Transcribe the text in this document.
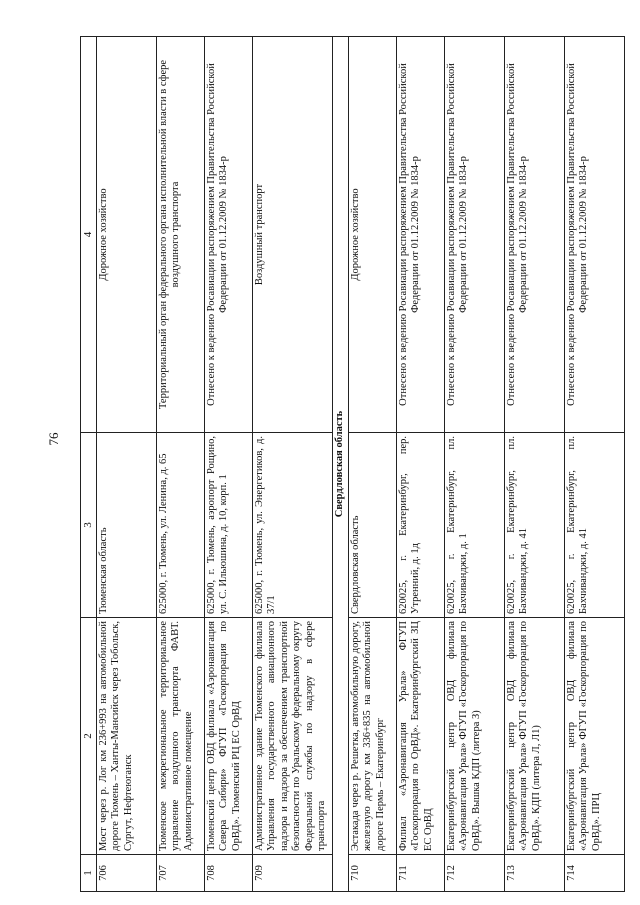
76
1	2	3	4
706	Мост через р. Лог км 236+993 на автомобильной дороге Тюмень – Ханты-Мансийск через Тобольск, Сургут, Нефтеюганск	Тюменская область	Дорожное хозяйство
707	Тюменское межрегиональное территориальное управление воздушного транспорта ФАВТ. Административное помещение	625000, г. Тюмень, ул. Ленина, д. 65	Территориальный орган федерального органа исполнительной власти в сфере воздушного транспорта
708	Тюменский центр ОВД филиала «Аэронавигация Севера Сибири» ФГУП «Госкорпорация по ОрВД». Тюменский РЦ ЕС ОрВД	625000, г. Тюмень, аэропорт Рощино, ул. С. Ильюшина, д. 10, корп. 1	Отнесено к ведению Росавиации распоряжением Правительства Российской Федерации от 01.12.2009 № 1834-р
709	Административное здание Тюменского филиала Управления государственного авиационного надзора и надзора за обеспечением транспортной безопасности по Уральскому федеральному округу Федеральной службы по надзору в сфере транспорта	625000, г. Тюмень, ул. Энергетиков, д. 37/1	Воздушный транспорт
Свердловская область			
710	Эстакада через р. Решетка, автомобильную дорогу, железную дорогу км 336+835 на автомобильной дороге Пермь – Екатеринбург	Свердловская область	Дорожное хозяйство
711	Филиал «Аэронавигация Урала» ФГУП «Госкорпорация по ОрВД». Екатеринбургский ЗЦ ЕС ОрВД	620025, г. Екатеринбург, пер. Утренний, д. 1д	Отнесено к ведению Росавиации распоряжением Правительства Российской Федерации от 01.12.2009 № 1834-р
712	Екатеринбургский центр ОВД филиала «Аэронавигация Урала» ФГУП «Госкорпорация по ОрВД». Вышка КДП (литера З)	620025, г. Екатеринбург, пл. Бахчиванджи, д. 1	Отнесено к ведению Росавиации распоряжением Правительства Российской Федерации от 01.12.2009 № 1834-р
713	Екатеринбургский центр ОВД филиала «Аэронавигация Урала» ФГУП «Госкорпорация по ОрВД». КДП (литера Л, Л1)	620025, г. Екатеринбург, пл. Бахчиванджи, д. 41	Отнесено к ведению Росавиации распоряжением Правительства Российской Федерации от 01.12.2009 № 1834-р
714	Екатеринбургский центр ОВД филиала «Аэронавигация Урала» ФГУП «Госкорпорация по ОрВД». ПРЦ	620025, г. Екатеринбург, пл. Бахчиванджи, д. 41	Отнесено к ведению Росавиации распоряжением Правительства Российской Федерации от 01.12.2009 № 1834-р
